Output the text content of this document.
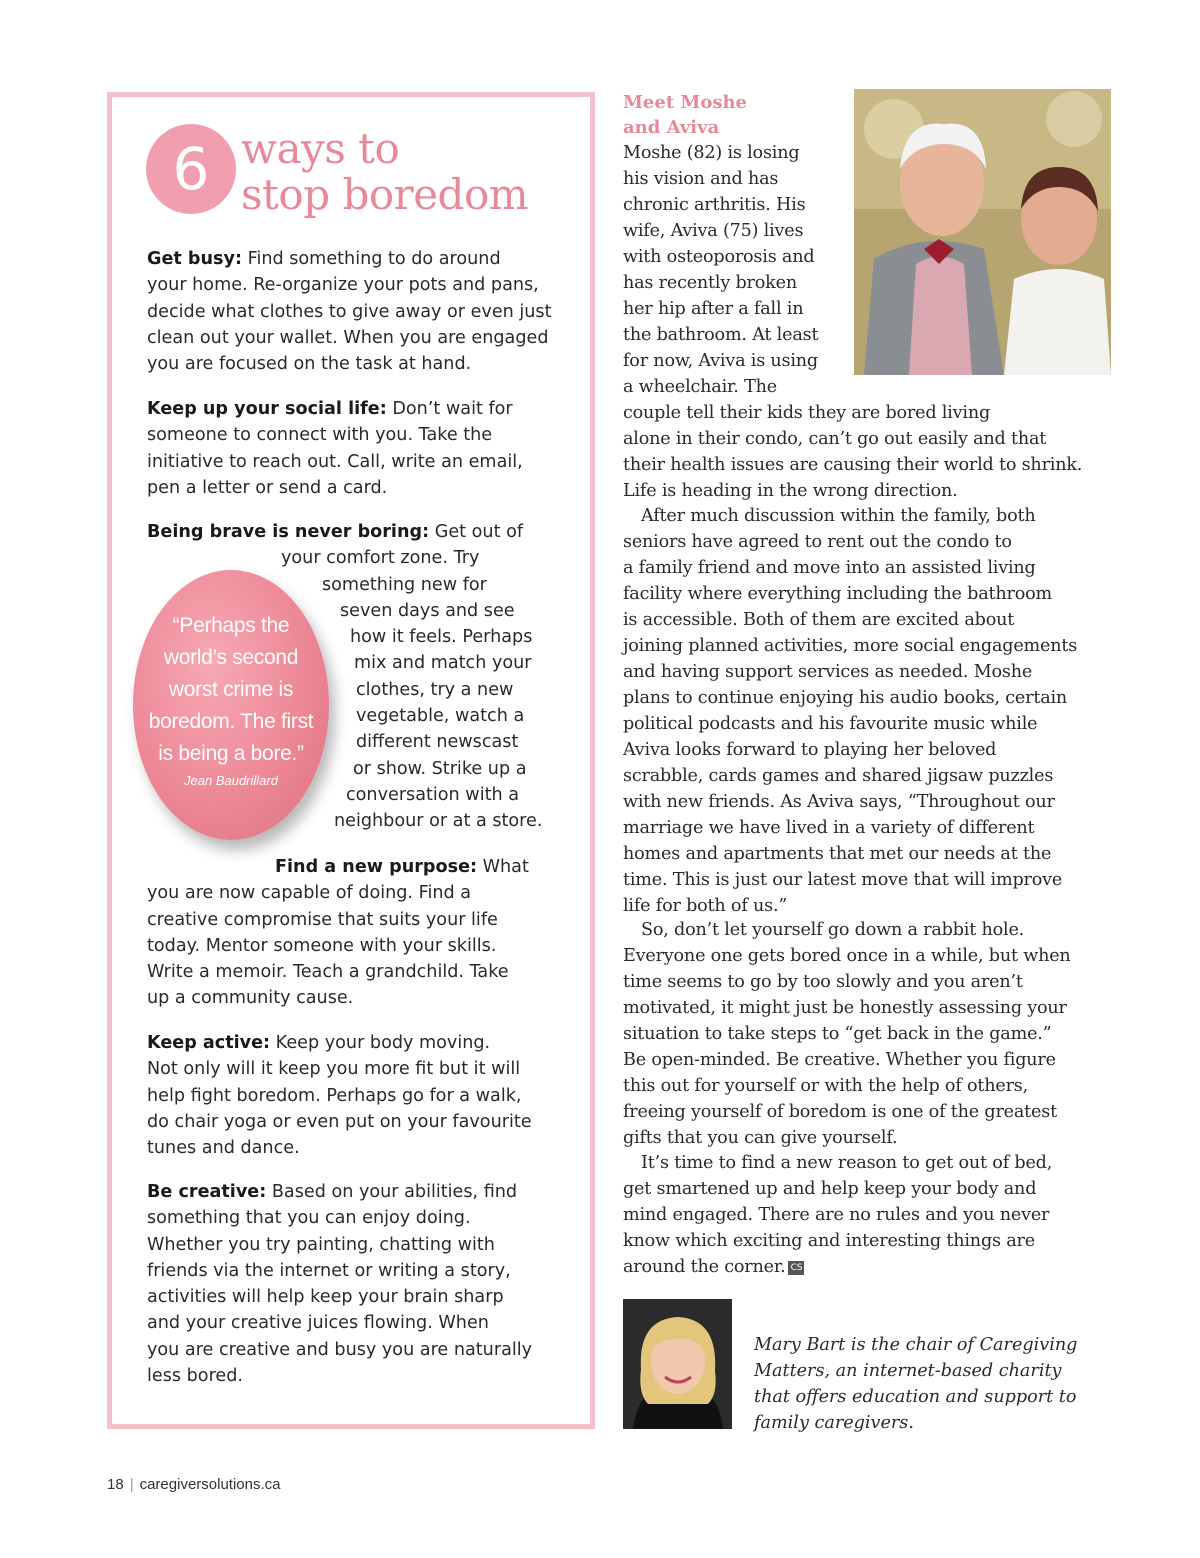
6 ways to
stop boredom
Get busy: Find something to do around
your home. Re-organize your pots and pans,
decide what clothes to give away or even just
clean out your wallet. When you are engaged
you are focused on the task at hand.
Keep up your social life: Don’t wait for
someone to connect with you. Take the
initiative to reach out. Call, write an email,
pen a letter or send a card.
Being brave is never boring: Get out of
your comfort zone. Try
something new for
seven days and see
how it feels. Perhaps
mix and match your
clothes, try a new
vegetable, watch a
different newscast
or show. Strike up a
conversation with a
neighbour or at a store.
“Perhaps the
world’s second
worst crime is
boredom. The first
is being a bore.”
Jean Baudrillard
Find a new purpose: What
you are now capable of doing. Find a
creative compromise that suits your life
today. Mentor someone with your skills.
Write a memoir. Teach a grandchild. Take
up a community cause.
Keep active: Keep your body moving.
Not only will it keep you more fit but it will
help fight boredom. Perhaps go for a walk,
do chair yoga or even put on your favourite
tunes and dance.
Be creative: Based on your abilities, find
something that you can enjoy doing.
Whether you try painting, chatting with
friends via the internet or writing a story,
activities will help keep your brain sharp
and your creative juices flowing. When
you are creative and busy you are naturally
less bored.
Meet Moshe
and Aviva
Moshe (82) is losing
his vision and has
chronic arthritis. His
wife, Aviva (75) lives
with osteoporosis and
has recently broken
her hip after a fall in
the bathroom. At least
for now, Aviva is using
a wheelchair. The
couple tell their kids they are bored living
alone in their condo, can’t go out easily and that
their health issues are causing their world to shrink.
Life is heading in the wrong direction.
After much discussion within the family, both
seniors have agreed to rent out the condo to
a family friend and move into an assisted living
facility where everything including the bathroom
is accessible. Both of them are excited about
joining planned activities, more social engagements
and having support services as needed. Moshe
plans to continue enjoying his audio books, certain
political podcasts and his favourite music while
Aviva looks forward to playing her beloved
scrabble, cards games and shared jigsaw puzzles
with new friends. As Aviva says, “Throughout our
marriage we have lived in a variety of different
homes and apartments that met our needs at the
time. This is just our latest move that will improve
life for both of us.”
So, don’t let yourself go down a rabbit hole.
Everyone one gets bored once in a while, but when
time seems to go by too slowly and you aren’t
motivated, it might just be honestly assessing your
situation to take steps to “get back in the game.”
Be open-minded. Be creative. Whether you figure
this out for yourself or with the help of others,
freeing yourself of boredom is one of the greatest
gifts that you can give yourself.
It’s time to find a new reason to get out of bed,
get smartened up and help keep your body and
mind engaged. There are no rules and you never
know which exciting and interesting things are
around the corner. CS
Mary Bart is the chair of Caregiving
Matters, an internet-based charity
that offers education and support to
family caregivers.
18 | caregiversolutions.ca
